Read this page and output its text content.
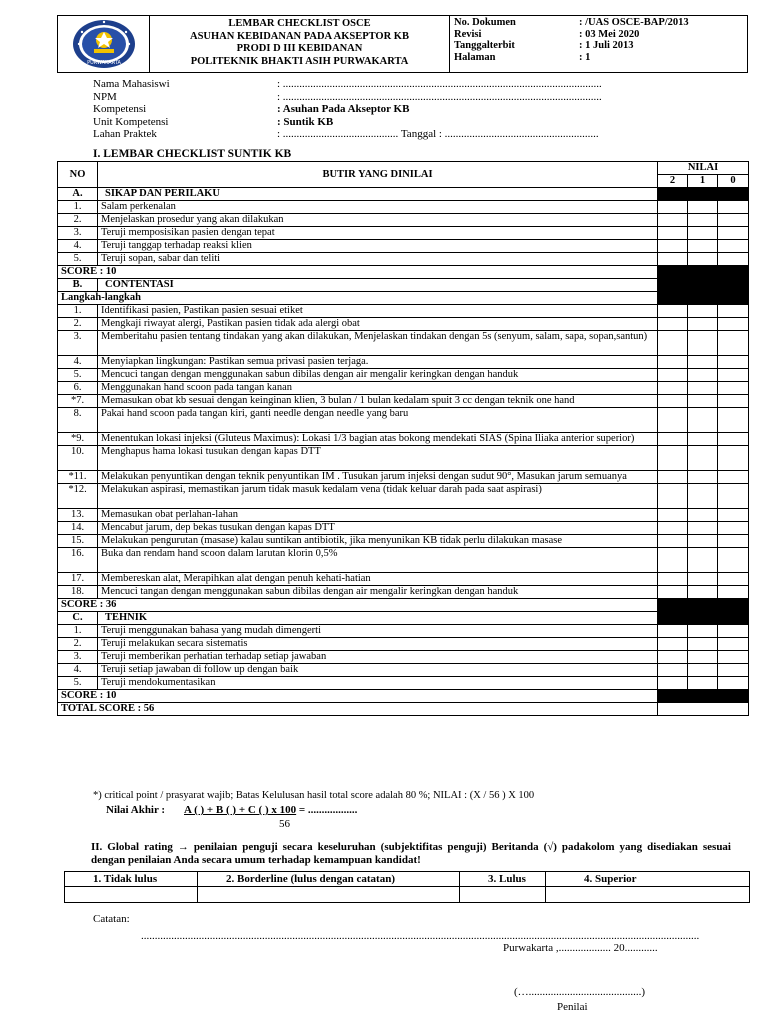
PURWAKARTA
LEMBAR CHECKLIST OSCE
ASUHAN KEBIDANAN PADA AKSEPTOR KB
PRODI D III KEBIDANAN
POLITEKNIK BHAKTI ASIH PURWAKARTA
No. Dokumen	: /UAS OSCE-BAP/2013
Revisi	: 03 Mei 2020
Tanggalterbit	: 1 Juli 2013
Halaman	: 1
Nama Mahasiswi	: ....................................................................................................................
NPM	: ....................................................................................................................
Kompetensi	: Asuhan Pada Akseptor KB
Unit Kompetensi	: Suntik KB
Lahan Praktek	: .......................................... Tanggal : ........................................................
I. LEMBAR CHECKLIST SUNTIK KB
NO	BUTIR YANG DINILAI	NILAI		
		2	1	0
A.	SIKAP DAN PERILAKU			
1.	Salam perkenalan			
2.	Menjelaskan prosedur yang akan dilakukan			
3.	Teruji memposisikan pasien dengan tepat			
4.	Teruji tanggap terhadap reaksi klien			
5.	Teruji sopan, sabar dan teliti			
SCORE : 10				
B.	CONTENTASI			
Langkah-langkah				
1.	Identifikasi pasien, Pastikan pasien sesuai etiket			
2.	Mengkaji riwayat alergi, Pastikan pasien tidak ada alergi obat			
3.	Memberitahu pasien tentang tindakan yang akan dilakukan, Menjelaskan tindakan dengan 5s (senyum, salam, sapa, sopan,santun)			
4.	Menyiapkan lingkungan: Pastikan semua privasi pasien terjaga.			
5.	Mencuci tangan dengan menggunakan sabun dibilas dengan air mengalir keringkan dengan handuk			
6.	Menggunakan hand scoon pada tangan kanan			
*7.	Memasukan obat kb sesuai dengan keinginan klien, 3 bulan / 1 bulan kedalam spuit 3 cc dengan teknik one hand			
8.	Pakai hand scoon pada tangan kiri, ganti needle dengan needle yang baru			
*9.	Menentukan lokasi injeksi (Gluteus Maximus): Lokasi 1/3 bagian atas bokong mendekati SIAS (Spina Iliaka anterior superior)			
10.	Menghapus hama lokasi tusukan dengan kapas DTT			
*11.	Melakukan penyuntikan dengan teknik penyuntikan IM . Tusukan jarum injeksi dengan sudut 90°, Masukan jarum semuanya			
*12.	Melakukan aspirasi, memastikan jarum tidak masuk kedalam vena (tidak keluar darah pada saat aspirasi)			
13.	Memasukan obat perlahan-lahan			
14.	Mencabut jarum, dep bekas tusukan dengan kapas DTT			
15.	Melakukan pengurutan (masase) kalau suntikan antibiotik, jika menyunikan KB tidak perlu dilakukan masase			
16.	Buka dan rendam hand scoon dalam larutan klorin 0,5%			
17.	Membereskan alat, Merapihkan alat dengan penuh kehati-hatian			
18.	Mencuci tangan dengan menggunakan sabun dibilas dengan air mengalir keringkan dengan handuk			
SCORE : 36				
C.	TEHNIK			
1.	Teruji menggunakan bahasa yang mudah dimengerti			
2.	Teruji melakukan secara sistematis			
3.	Teruji memberikan perhatian terhadap setiap jawaban			
4.	Teruji setiap jawaban di follow up dengan baik			
5.	Teruji mendokumentasikan			
SCORE : 10				
TOTAL SCORE : 56				
*) critical point / prasyarat wajib; Batas Kelulusan hasil total score adalah 80 %; NILAI : (X / 56 ) X 100
Nilai Akhir : A ( ) + B ( ) + C ( ) x 100 = ..................
56
II. Global rating → penilaian penguji secara keseluruhan (subjektifitas penguji) Beritanda (√) padakolom yang disediakan sesuai dengan penilaian Anda secara umum terhadap kemampuan kandidat!
1. Tidak lulus	2. Borderline (lulus dengan catatan)	3. Lulus	4. Superior

Catatan:
...........................................................................................................................................................................................................
Purwakarta ,................... 20............
(….........................................)
Penilai
